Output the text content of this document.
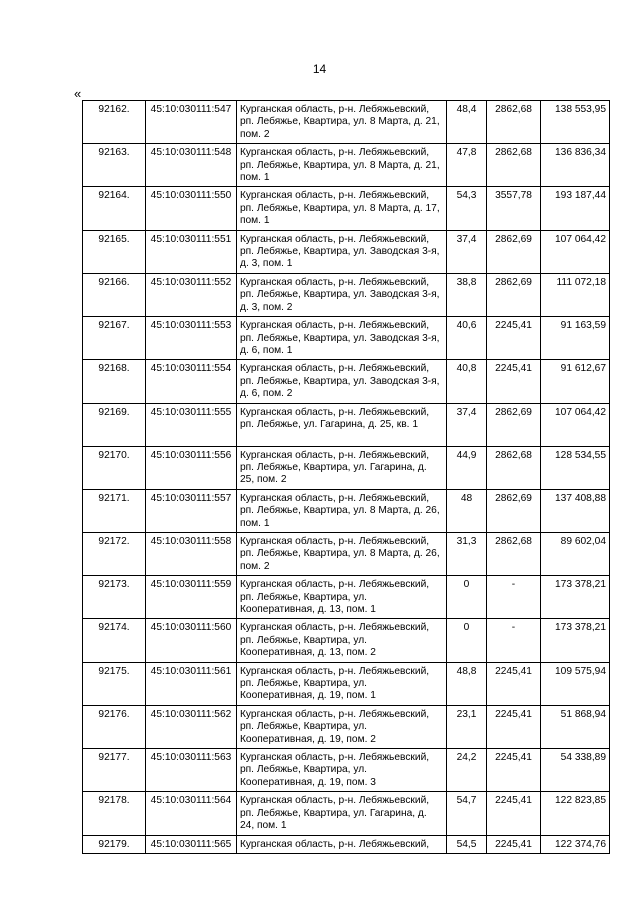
14
«
92162.	45:10:030111:547	Курганская область, р-н. Лебяжьевский, рп. Лебяжье, Квартира, ул. 8 Марта, д. 21, пом. 2	48,4	2862,68	138 553,95
92163.	45:10:030111:548	Курганская область, р-н. Лебяжьевский, рп. Лебяжье, Квартира, ул. 8 Марта, д. 21, пом. 1	47,8	2862,68	136 836,34
92164.	45:10:030111:550	Курганская область, р-н. Лебяжьевский, рп. Лебяжье, Квартира, ул. 8 Марта, д. 17, пом. 1	54,3	3557,78	193 187,44
92165.	45:10:030111:551	Курганская область, р-н. Лебяжьевский, рп. Лебяжье, Квартира, ул. Заводская 3-я, д. 3, пом. 1	37,4	2862,69	107 064,42
92166.	45:10:030111:552	Курганская область, р-н. Лебяжьевский, рп. Лебяжье, Квартира, ул. Заводская 3-я, д. 3, пом. 2	38,8	2862,69	111 072,18
92167.	45:10:030111:553	Курганская область, р-н. Лебяжьевский, рп. Лебяжье, Квартира, ул. Заводская 3-я, д. 6, пом. 1	40,6	2245,41	91 163,59
92168.	45:10:030111:554	Курганская область, р-н. Лебяжьевский, рп. Лебяжье, Квартира, ул. Заводская 3-я, д. 6, пом. 2	40,8	2245,41	91 612,67
92169.	45:10:030111:555	Курганская область, р-н. Лебяжьевский, рп. Лебяжье, ул. Гагарина, д. 25, кв. 1	37,4	2862,69	107 064,42
92170.	45:10:030111:556	Курганская область, р-н. Лебяжьевский, рп. Лебяжье, Квартира, ул. Гагарина, д. 25, пом. 2	44,9	2862,68	128 534,55
92171.	45:10:030111:557	Курганская область, р-н. Лебяжьевский, рп. Лебяжье, Квартира, ул. 8 Марта, д. 26, пом. 1	48	2862,69	137 408,88
92172.	45:10:030111:558	Курганская область, р-н. Лебяжьевский, рп. Лебяжье, Квартира, ул. 8 Марта, д. 26, пом. 2	31,3	2862,68	89 602,04
92173.	45:10:030111:559	Курганская область, р-н. Лебяжьевский, рп. Лебяжье, Квартира, ул. Кооперативная, д. 13, пом. 1	0	-	173 378,21
92174.	45:10:030111:560	Курганская область, р-н. Лебяжьевский, рп. Лебяжье, Квартира, ул. Кооперативная, д. 13, пом. 2	0	-	173 378,21
92175.	45:10:030111:561	Курганская область, р-н. Лебяжьевский, рп. Лебяжье, Квартира, ул. Кооперативная, д. 19, пом. 1	48,8	2245,41	109 575,94
92176.	45:10:030111:562	Курганская область, р-н. Лебяжьевский, рп. Лебяжье, Квартира, ул. Кооперативная, д. 19, пом. 2	23,1	2245,41	51 868,94
92177.	45:10:030111:563	Курганская область, р-н. Лебяжьевский, рп. Лебяжье, Квартира, ул. Кооперативная, д. 19, пом. 3	24,2	2245,41	54 338,89
92178.	45:10:030111:564	Курганская область, р-н. Лебяжьевский, рп. Лебяжье, Квартира, ул. Гагарина, д. 24, пом. 1	54,7	2245,41	122 823,85
92179.	45:10:030111:565	Курганская область, р-н. Лебяжьевский,	54,5	2245,41	122 374,76
